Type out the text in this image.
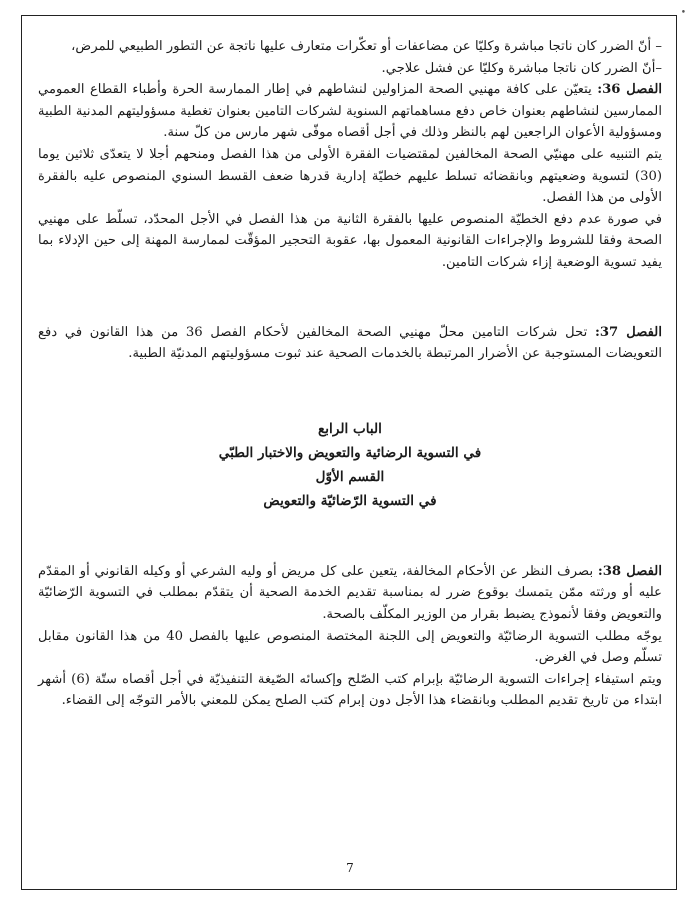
•

– أنّ الضرر كان ناتجا مباشرة وكليّا عن مضاعفات أو تعكّرات متعارف عليها ناتجة عن التطور الطبيعي للمرض،

–أنّ الضرر كان ناتجا مباشرة وكليّا عن فشل علاجي.

الفصل 36: يتعيّن على كافة مهنيي الصحة المزاولين لنشاطهم في إطار الممارسة الحرة وأطباء القطاع العمومي الممارسين لنشاطهم بعنوان خاص دفع مساهماتهم السنوية لشركات التامين بعنوان تغطية مسؤوليتهم المدنية الطبية ومسؤولية الأعوان الراجعين لهم بالنظر وذلك في أجل أقصاه موفّى شهر مارس من كلّ سنة.

يتم التنبيه على مهنيّي الصحة المخالفين لمقتضيات الفقرة الأولى من هذا الفصل ومنحهم أجلا لا يتعدّى ثلاثين يوما (30) لتسوية وضعيتهم وبانقضائه تسلط عليهم خطيّة إدارية قدرها ضعف القسط السنوي المنصوص عليه بالفقرة الأولى من هذا الفصل.

في صورة عدم دفع الخطيّة المنصوص عليها بالفقرة الثانية من هذا الفصل في الأجل المحدّد، تسلّط على مهنيي الصحة وفقا للشروط والإجراءات القانونية المعمول بها، عقوبة التحجير المؤقّت لممارسة المهنة إلى حين الإدلاء بما يفيد تسوية الوضعية إزاء شركات التامين.

الفصل 37: تحل شركات التامين محلّ مهنيي الصحة المخالفين لأحكام الفصل 36 من هذا القانون في دفع التعويضات المستوجبة عن الأضرار المرتبطة بالخدمات الصحية عند ثبوت مسؤوليتهم المدنيّة الطبية.

الباب الرابع
في التسوية الرضائية والتعويض والاختبار الطبّي
القسم الأوّل
في التسوية الرّضائيّة والتعويض

الفصل 38: بصرف النظر عن الأحكام المخالفة، يتعين على كل مريض أو وليه الشرعي أو وكيله القانوني أو المقدّم عليه أو ورثته ممّن يتمسك بوقوع ضرر له بمناسبة تقديم الخدمة الصحية أن يتقدّم بمطلب في التسوية الرّضائيّة والتعويض وفقا لأنموذج يضبط بقرار من الوزير المكلّف بالصحة.

يوجّه مطلب التسوية الرضائيّة والتعويض إلى اللجنة المختصة المنصوص عليها بالفصل 40 من هذا القانون مقابل تسلّم وصل في الغرض.

ويتم استيفاء إجراءات التسوية الرضائيّة بإبرام كتب الصّلح وإكسائه الصّيغة التنفيذيّة في أجل أقصاه ستّة (6) أشهر ابتداء من تاريخ تقديم المطلب وبانقضاء هذا الأجل دون إبرام كتب الصلح يمكن للمعني بالأمر التوجّه إلى القضاء.

7
